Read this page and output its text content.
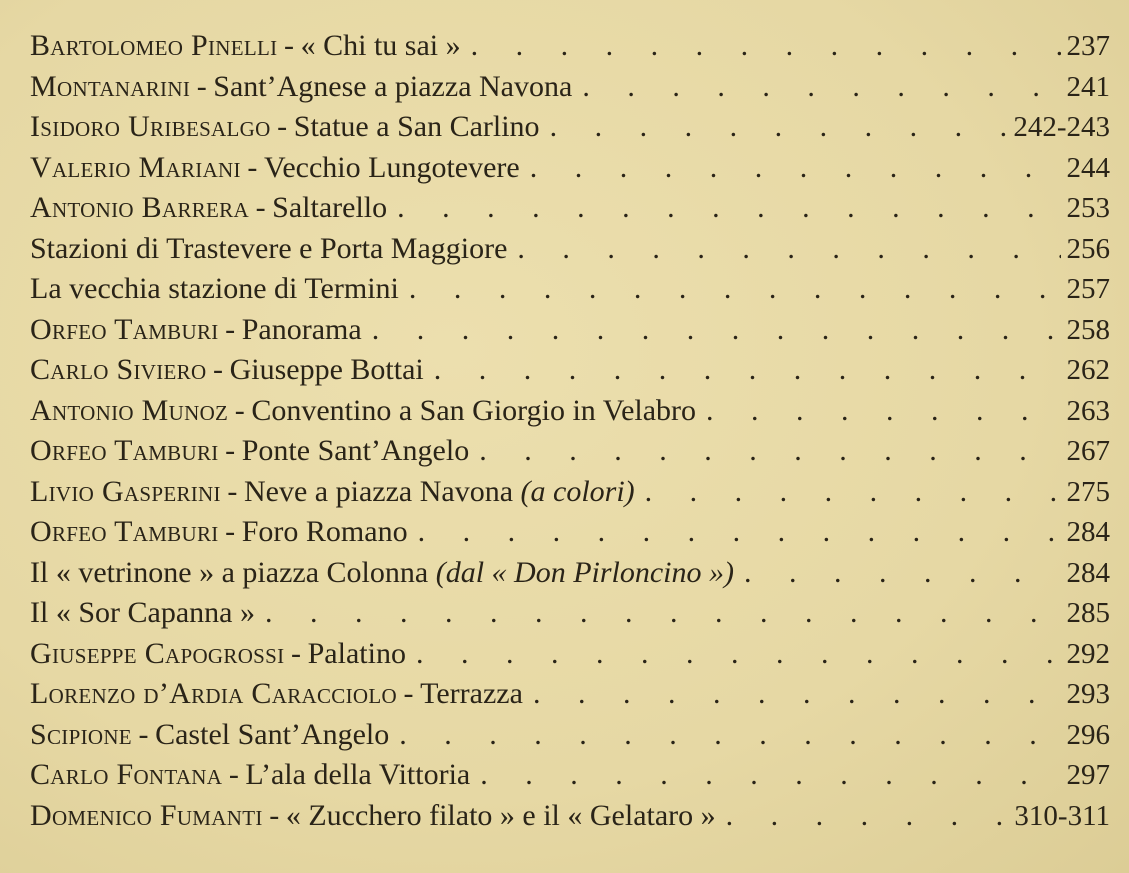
Bartolomeo Pinelli - « Chi tu sai » . . .	237
Montanarini - Sant’Agnese a piazza Navona . . .	241
Isidoro Uribesalgo - Statue a San Carlino . . .	242-243
Valerio Mariani - Vecchio Lungotevere . . .	244
Antonio Barrera - Saltarello . . .	253
Stazioni di Trastevere e Porta Maggiore . . .	256
La vecchia stazione di Termini . . .	257
Orfeo Tamburi - Panorama . . .	258
Carlo Siviero - Giuseppe Bottai . . .	262
Antonio Munoz - Conventino a San Giorgio in Velabro . . .	263
Orfeo Tamburi - Ponte Sant’Angelo . . .	267
Livio Gasperini - Neve a piazza Navona (a colori) . . .	275
Orfeo Tamburi - Foro Romano . . .	284
Il « vetrinone » a piazza Colonna (dal « Don Pirloncino ») . . .	284
Il « Sor Capanna » . . .	285
Giuseppe Capogrossi - Palatino . . .	292
Lorenzo d’Ardia Caracciolo - Terrazza . . .	293
Scipione - Castel Sant’Angelo . . .	296
Carlo Fontana - L’ala della Vittoria . . .	297
Domenico Fumanti - « Zucchero filato » e il « Gelataro » . . .	310-311
